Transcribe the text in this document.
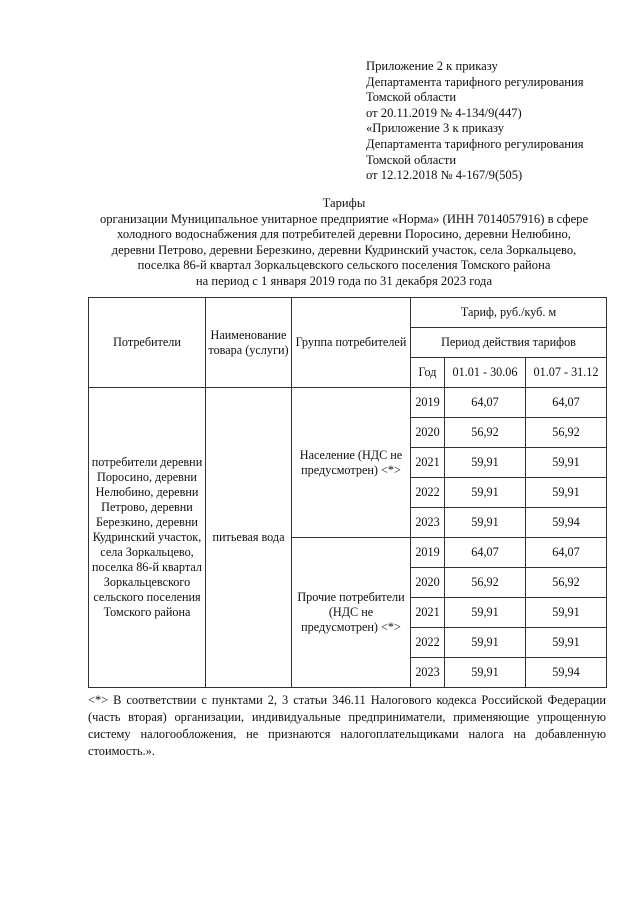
Приложение 2 к приказу
Департамента тарифного регулирования
Томской области
от 20.11.2019 № 4-134/9(447)
«Приложение 3 к приказу
Департамента тарифного регулирования
Томской области
от 12.12.2018 № 4-167/9(505)
Тарифы
организации Муниципальное унитарное предприятие «Норма» (ИНН 7014057916) в сфере
холодного водоснабжения для потребителей деревни Поросино, деревни Нелюбино,
деревни Петрово, деревни Березкино, деревни Кудринский участок, села Зоркальцево,
поселка 86-й квартал Зоркальцевского сельского поселения Томского района
на период с 1 января 2019 года по 31 декабря 2023 года
Потребители	Наименование товара (услуги)	Группа потребителей	Тариф, руб./куб. м		
			Период действия тарифов		
			Год	01.01 - 30.06	01.07 - 31.12
потребители деревни Поросино, деревни Нелюбино, деревни Петрово, деревни Березкино, деревни Кудринский участок, села Зоркальцево, поселка 86-й квартал Зоркальцевского сельского поселения Томского района	питьевая вода	Население (НДС не предусмотрен) <*>	2019	64,07	64,07
			2020	56,92	56,92
			2021	59,91	59,91
			2022	59,91	59,91
			2023	59,91	59,94
		Прочие потребители (НДС не предусмотрен) <*>	2019	64,07	64,07
			2020	56,92	56,92
			2021	59,91	59,91
			2022	59,91	59,91
			2023	59,91	59,94
<*> В соответствии с пунктами 2, 3 статьи 346.11 Налогового кодекса Российской Федерации (часть вторая) организации, индивидуальные предприниматели, применяющие упрощенную систему налогообложения, не признаются налогоплательщиками налога на добавленную стоимость.».
